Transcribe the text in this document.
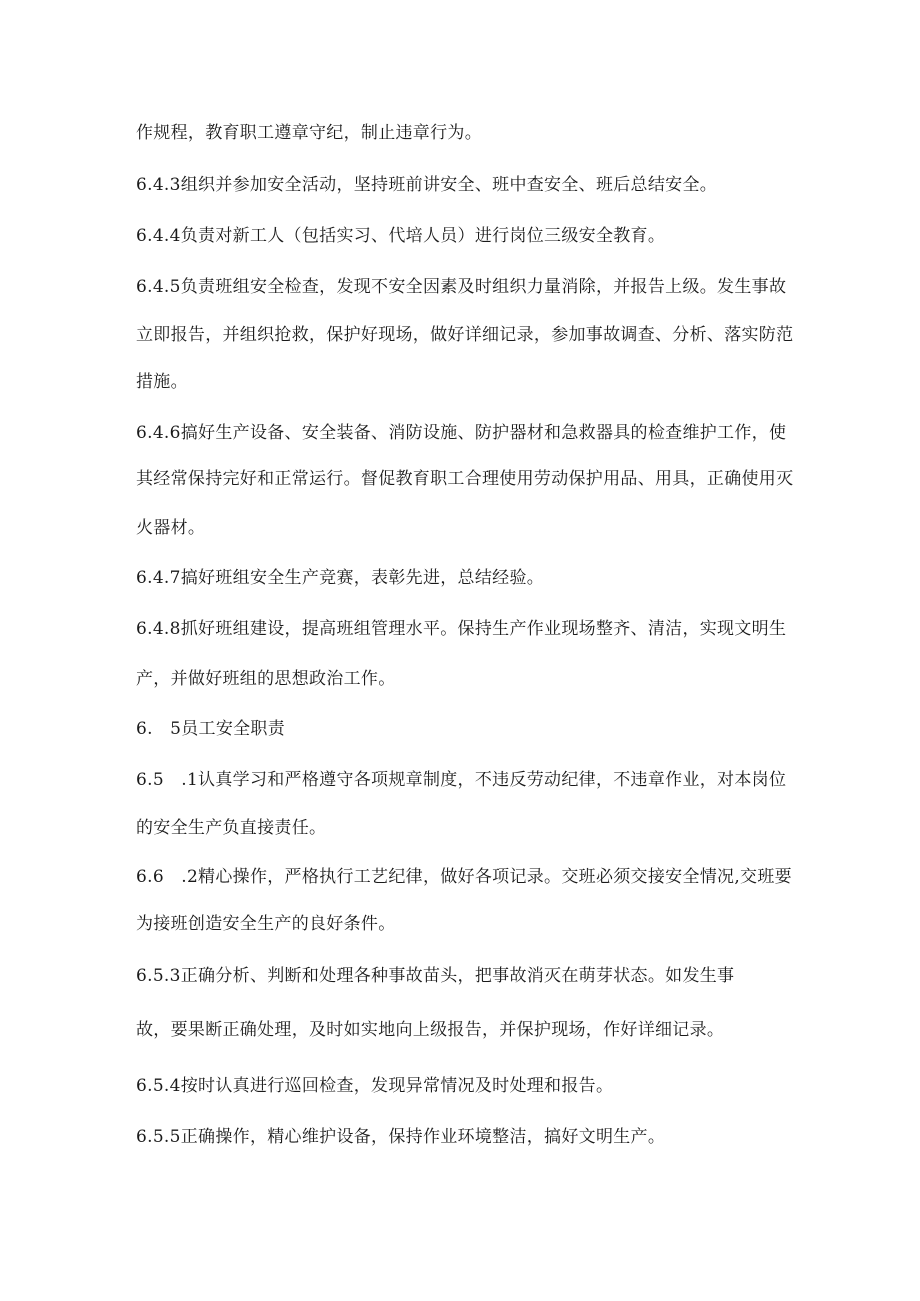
作规程，教育职工遵章守纪，制止违章行为。
6.4.3组织并参加安全活动，坚持班前讲安全、班中查安全、班后总结安全。
6.4.4负责对新工人（包括实习、代培人员）进行岗位三级安全教育。
6.4.5负责班组安全检查，发现不安全因素及时组织力量消除，并报告上级。发生事故
立即报告，并组织抢救，保护好现场，做好详细记录，参加事故调查、分析、落实防范
措施。
6.4.6搞好生产设备、安全装备、消防设施、防护器材和急救器具的检查维护工作，使
其经常保持完好和正常运行。督促教育职工合理使用劳动保护用品、用具，正确使用灭
火器材。
6.4.7搞好班组安全生产竞赛，表彰先进，总结经验。
6.4.8抓好班组建设，提高班组管理水平。保持生产作业现场整齐、清洁，实现文明生
产，并做好班组的思想政治工作。
6.　5员工安全职责
6.5　.1认真学习和严格遵守各项规章制度，不违反劳动纪律，不违章作业，对本岗位
的安全生产负直接责任。
6.6　.2精心操作，严格执行工艺纪律，做好各项记录。交班必须交接安全情况,交班要
为接班创造安全生产的良好条件。
6.5.3正确分析、判断和处理各种事故苗头，把事故消灭在萌芽状态。如发生事
故，要果断正确处理，及时如实地向上级报告，并保护现场，作好详细记录。
6.5.4按时认真进行巡回检查，发现异常情况及时处理和报告。
6.5.5正确操作，精心维护设备，保持作业环境整洁，搞好文明生产。
